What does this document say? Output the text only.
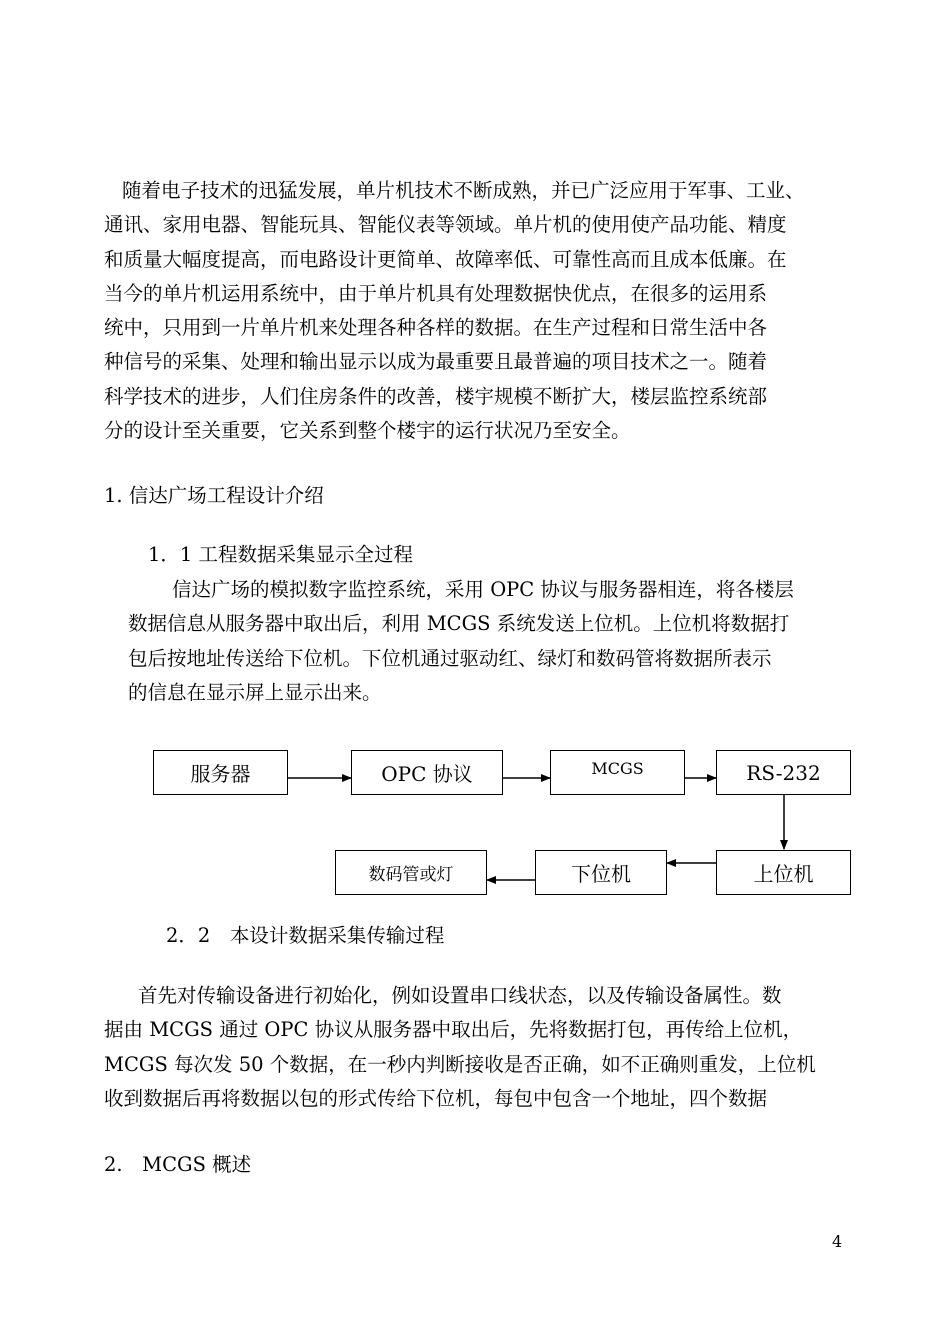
随着电子技术的迅猛发展，单片机技术不断成熟，并已广泛应用于军事、工业、
通讯、家用电器、智能玩具、智能仪表等领域。单片机的使用使产品功能、精度
和质量大幅度提高，而电路设计更简单、故障率低、可靠性高而且成本低廉。在
当今的单片机运用系统中，由于单片机具有处理数据快优点，在很多的运用系
统中，只用到一片单片机来处理各种各样的数据。在生产过程和日常生活中各
种信号的采集、处理和输出显示以成为最重要且最普遍的项目技术之一。随着
科学技术的进步，人们住房条件的改善，楼宇规模不断扩大，楼层监控系统部
分的设计至关重要，它关系到整个楼宇的运行状况乃至安全。
1. 信达广场工程设计介绍
1．1 工程数据采集显示全过程
信达广场的模拟数字监控系统，采用 OPC 协议与服务器相连，将各楼层
数据信息从服务器中取出后，利用 MCGS 系统发送上位机。上位机将数据打
包后按地址传送给下位机。下位机通过驱动红、绿灯和数码管将数据所表示
的信息在显示屏上显示出来。
服务器	OPC 协议	MCGS	RS-232
上位机
下位机
数码管或灯
2．2　本设计数据采集传输过程
首先对传输设备进行初始化，例如设置串口线状态，以及传输设备属性。数
据由 MCGS 通过 OPC 协议从服务器中取出后，先将数据打包，再传给上位机，
MCGS 每次发 50 个数据，在一秒内判断接收是否正确，如不正确则重发，上位机
收到数据后再将数据以包的形式传给下位机，每包中包含一个地址，四个数据
2.　MCGS 概述
4
